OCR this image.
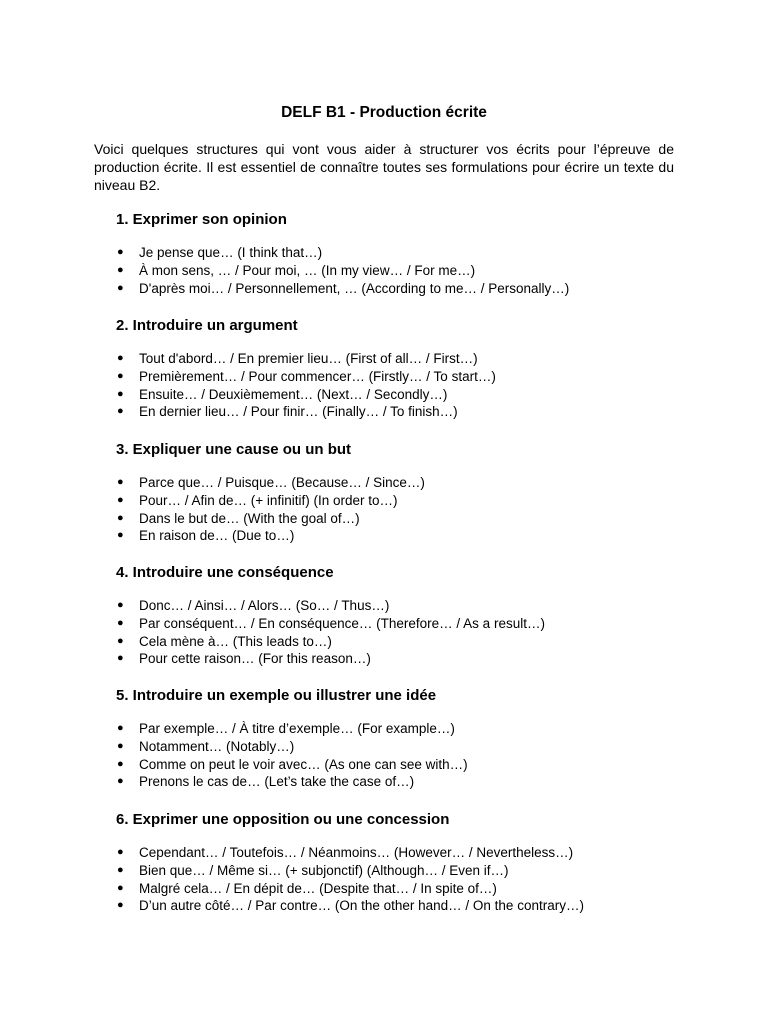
DELF B1 - Production écrite

Voici quelques structures qui vont vous aider à structurer vos écrits pour l’épreuve de production écrite. Il est essentiel de connaître toutes ses formulations pour écrire un texte du niveau B2.

1. Exprimer son opinion
● Je pense que… (I think that…)
● À mon sens, … / Pour moi, … (In my view… / For me…)
● D'après moi… / Personnellement, … (According to me… / Personally…)
2. Introduire un argument
● Tout d'abord… / En premier lieu… (First of all… / First…)
● Premièrement… / Pour commencer… (Firstly… / To start…)
● Ensuite… / Deuxièmement… (Next… / Secondly…)
● En dernier lieu… / Pour finir… (Finally… / To finish…)
3. Expliquer une cause ou un but
● Parce que… / Puisque… (Because… / Since…)
● Pour… / Afin de… (+ infinitif) (In order to…)
● Dans le but de… (With the goal of…)
● En raison de… (Due to…)
4. Introduire une conséquence
● Donc… / Ainsi… / Alors… (So… / Thus…)
● Par conséquent… / En conséquence… (Therefore… / As a result…)
● Cela mène à… (This leads to…)
● Pour cette raison… (For this reason…)
5. Introduire un exemple ou illustrer une idée
● Par exemple… / À titre d’exemple… (For example…)
● Notamment… (Notably…)
● Comme on peut le voir avec… (As one can see with…)
● Prenons le cas de… (Let’s take the case of…)
6. Exprimer une opposition ou une concession
● Cependant… / Toutefois… / Néanmoins… (However… / Nevertheless…)
● Bien que… / Même si… (+ subjonctif) (Although… / Even if…)
● Malgré cela… / En dépit de… (Despite that… / In spite of…)
● D’un autre côté… / Par contre… (On the other hand… / On the contrary…)
